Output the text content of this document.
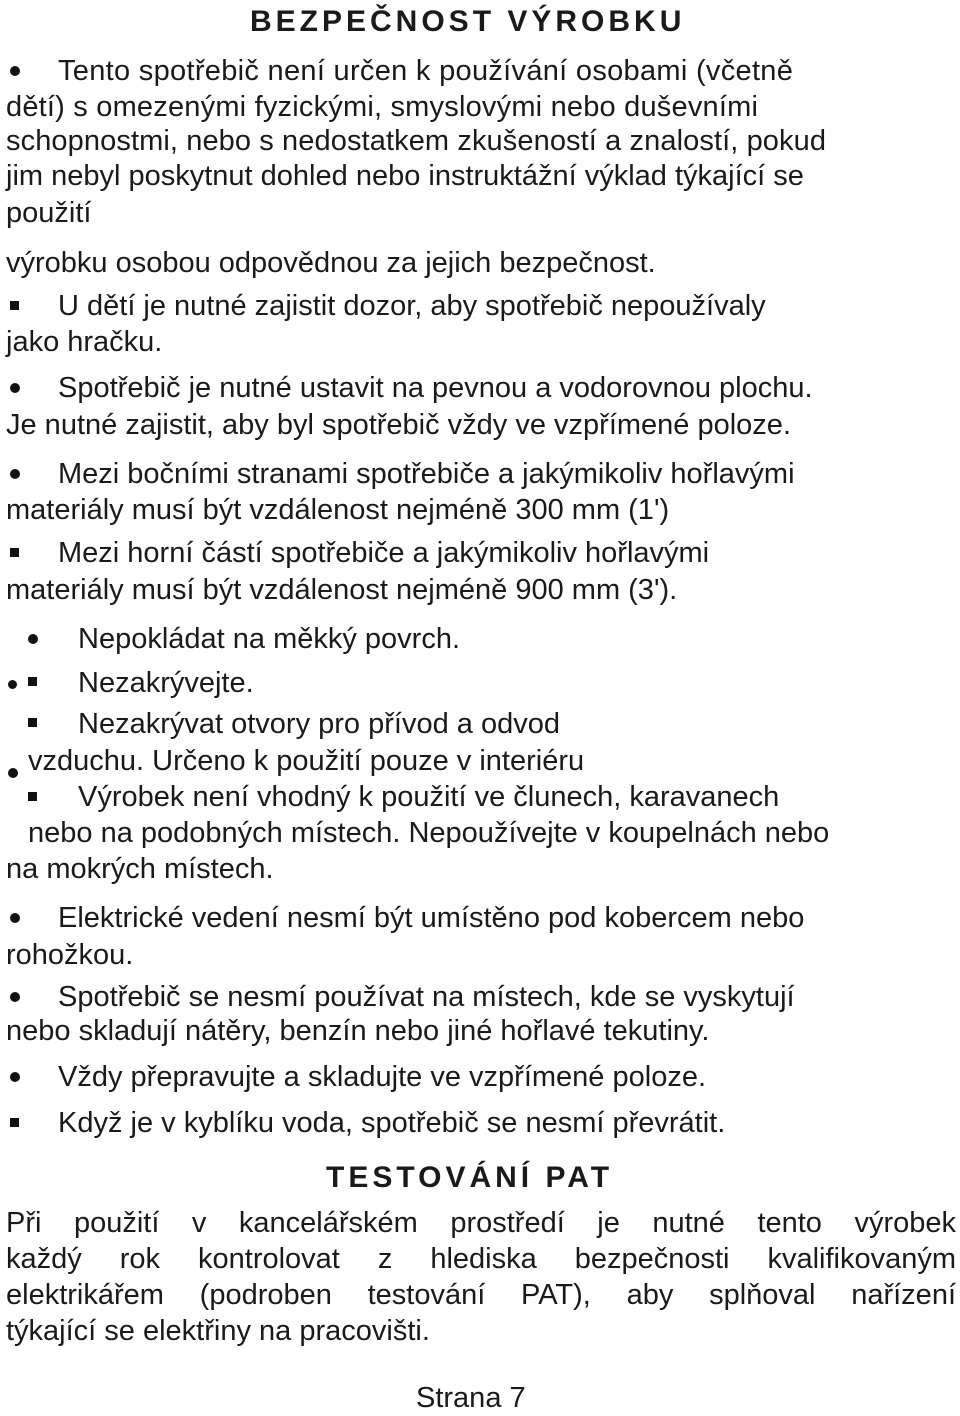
BEZPEČNOST VÝROBKU
Tento spotřebič není určen k používání osobami (včetně
dětí) s omezenými fyzickými, smyslovými nebo duševními
schopnostmi, nebo s nedostatkem zkušeností a znalostí, pokud
jim nebyl poskytnut dohled nebo instruktážní výklad týkající se
použití
výrobku osobou odpovědnou za jejich bezpečnost.
U dětí je nutné zajistit dozor, aby spotřebič nepoužívaly
jako hračku.
Spotřebič je nutné ustavit na pevnou a vodorovnou plochu.
Je nutné zajistit, aby byl spotřebič vždy ve vzpřímené poloze.
Mezi bočními stranami spotřebiče a jakýmikoliv hořlavými
materiály musí být vzdálenost nejméně 300 mm (1')
Mezi horní částí spotřebiče a jakýmikoliv hořlavými
materiály musí být vzdálenost nejméně 900 mm (3').
Nepokládat na měkký povrch.
Nezakrývejte.
Nezakrývat otvory pro přívod a odvod
vzduchu. Určeno k použití pouze v interiéru
Výrobek není vhodný k použití ve člunech, karavanech
nebo na podobných místech. Nepoužívejte v koupelnách nebo
na mokrých místech.
Elektrické vedení nesmí být umístěno pod kobercem nebo
rohožkou.
Spotřebič se nesmí používat na místech, kde se vyskytují
nebo skladují nátěry, benzín nebo jiné hořlavé tekutiny.
Vždy přepravujte a skladujte ve vzpřímené poloze.
Když je v kyblíku voda, spotřebič se nesmí převrátit.
TESTOVÁNÍ PAT
Při použití v kancelářském prostředí je nutné tento výrobek
každý rok kontrolovat z hlediska bezpečnosti kvalifikovaným
elektrikářem (podroben testování PAT), aby splňoval nařízení
týkající se elektřiny na pracovišti.
Strana 7
